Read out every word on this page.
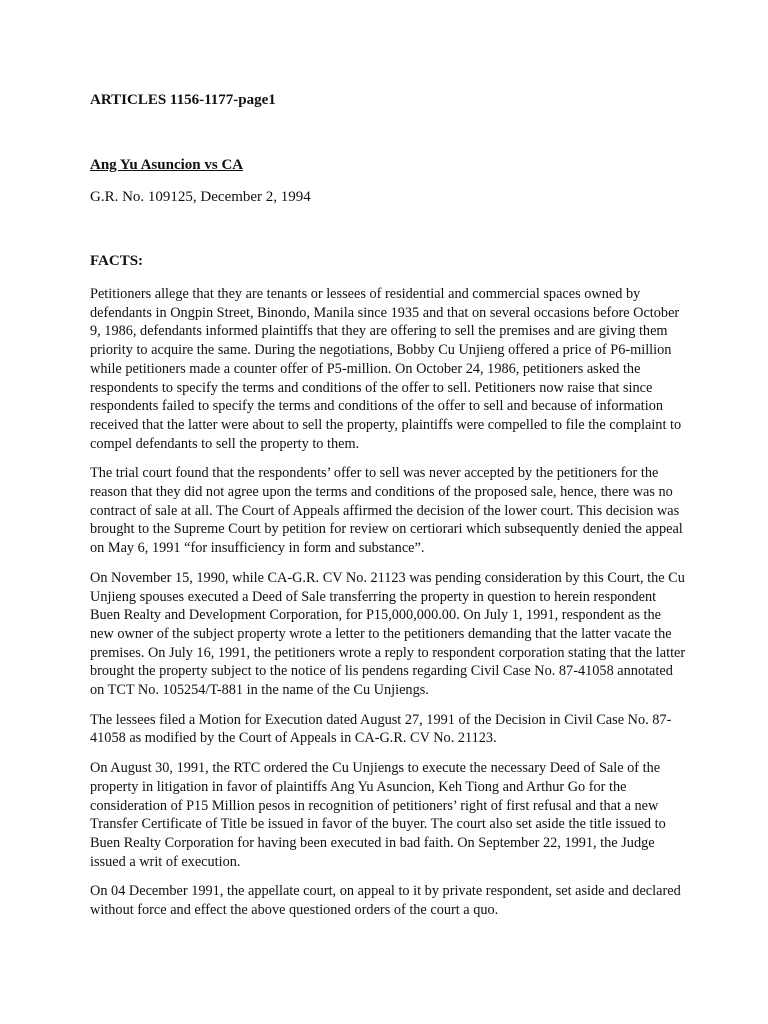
ARTICLES 1156-1177-page1

Ang Yu Asuncion vs CA

G.R. No. 109125, December 2, 1994

FACTS:

Petitioners allege that they are tenants or lessees of residential and commercial spaces owned by defendants in Ongpin Street, Binondo, Manila since 1935 and that on several occasions before October 9, 1986, defendants informed plaintiffs that they are offering to sell the premises and are giving them priority to acquire the same. During the negotiations, Bobby Cu Unjieng offered a price of P6-million while petitioners made a counter offer of P5-million. On October 24, 1986, petitioners asked the respondents to specify the terms and conditions of the offer to sell. Petitioners now raise that since respondents failed to specify the terms and conditions of the offer to sell and because of information received that the latter were about to sell the property, plaintiffs were compelled to file the complaint to compel defendants to sell the property to them.

The trial court found that the respondents’ offer to sell was never accepted by the petitioners for the reason that they did not agree upon the terms and conditions of the proposed sale, hence, there was no contract of sale at all. The Court of Appeals affirmed the decision of the lower court. This decision was brought to the Supreme Court by petition for review on certiorari which subsequently denied the appeal on May 6, 1991 “for insufficiency in form and substance”.

On November 15, 1990, while CA-G.R. CV No. 21123 was pending consideration by this Court, the Cu Unjieng spouses executed a Deed of Sale transferring the property in question to herein respondent Buen Realty and Development Corporation, for P15,000,000.00. On July 1, 1991, respondent as the new owner of the subject property wrote a letter to the petitioners demanding that the latter vacate the premises. On July 16, 1991, the petitioners wrote a reply to respondent corporation stating that the latter brought the property subject to the notice of lis pendens regarding Civil Case No. 87-41058 annotated on TCT No. 105254/T-881 in the name of the Cu Unjiengs.

The lessees filed a Motion for Execution dated August 27, 1991 of the Decision in Civil Case No. 87-41058 as modified by the Court of Appeals in CA-G.R. CV No. 21123.

On August 30, 1991, the RTC ordered the Cu Unjiengs to execute the necessary Deed of Sale of the property in litigation in favor of plaintiffs Ang Yu Asuncion, Keh Tiong and Arthur Go for the consideration of P15 Million pesos in recognition of petitioners’ right of first refusal and that a new Transfer Certificate of Title be issued in favor of the buyer. The court also set aside the title issued to Buen Realty Corporation for having been executed in bad faith. On September 22, 1991, the Judge issued a writ of execution.

On 04 December 1991, the appellate court, on appeal to it by private respondent, set aside and declared without force and effect the above questioned orders of the court a quo.
